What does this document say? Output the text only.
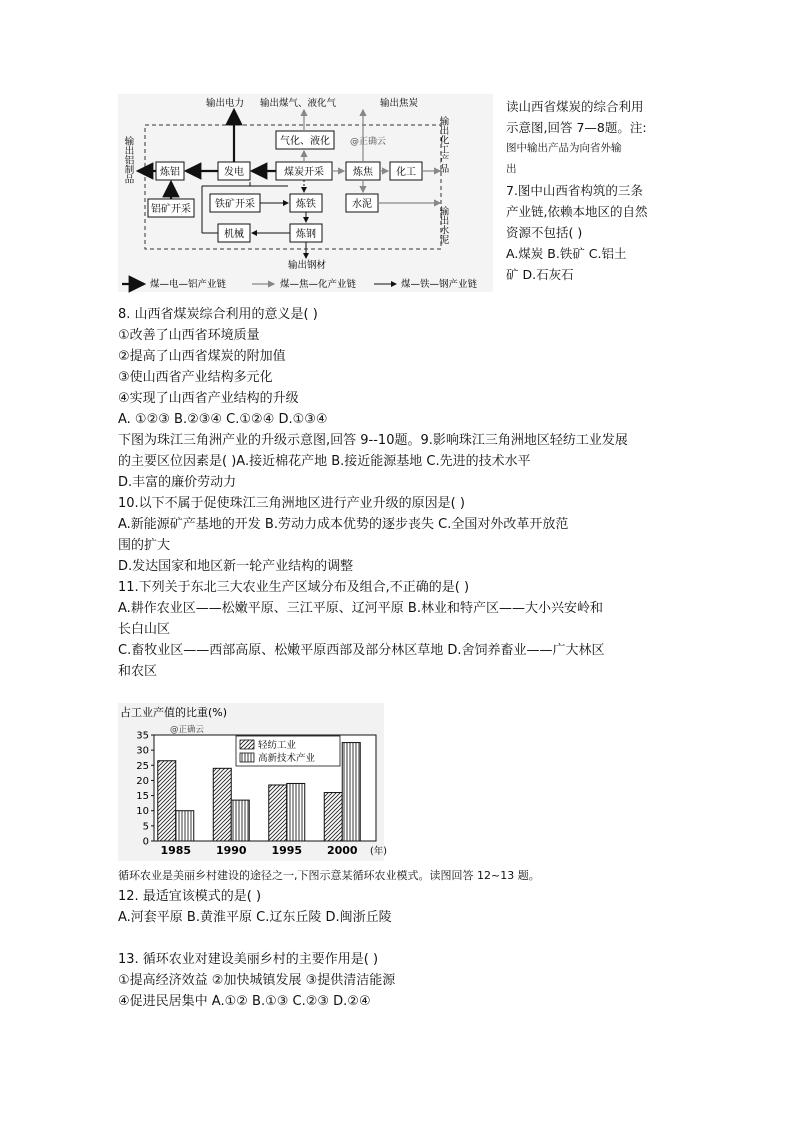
输出电力 输出煤气、液化气	输出焦炭
输出铝制品	输出化工产品
输出水泥
输出钢材
@正确云
气化、液化
炼铝	发电	煤炭开采	炼焦 化工
铝矿开采 铁矿开采	炼铁	水泥
机械	炼钢
煤—电—铝产业链	煤—焦—化产业链	煤—铁—钢产业链
读山西省煤炭的综合利用
示意图,回答 7—8题。注:
图中输出产品为向省外输
出
7.图中山西省构筑的三条
产业链,依赖本地区的自然
资源不包括( )
A.煤炭 B.铁矿 C.铝土
矿 D.石灰石
8. 山西省煤炭综合利用的意义是( )
①改善了山西省环境质量
②提高了山西省煤炭的附加值
③使山西省产业结构多元化
④实现了山西省产业结构的升级
A. ①②③ B.②③④ C.①②④ D.①③④
下图为珠江三角洲产业的升级示意图,回答 9--10题。9.影响珠江三角洲地区轻纺工业发展
的主要区位因素是( )A.接近棉花产地 B.接近能源基地 C.先进的技术水平
D.丰富的廉价劳动力
10.以下不属于促使珠江三角洲地区进行产业升级的原因是( )
A.新能源矿产基地的开发 B.劳动力成本优势的逐步丧失 C.全国对外改革开放范
围的扩大
D.发达国家和地区新一轮产业结构的调整
11.下列关于东北三大农业生产区域分布及组合,不正确的是( )
A.耕作农业区——松嫩平原、三江平原、辽河平原 B.林业和特产区——大小兴安岭和
长白山区
C.畜牧业区——西部高原、松嫩平原西部及部分林区草地 D.舍饲养畜业——广大林区
和农区
占工业产值的比重(%)
@正确云
0
5
10
15
20
25
30
35
1985 1990 1995 2000 (年)
轻纺工业
高新技术产业
循环农业是美丽乡村建设的途径之一,下图示意某循环农业模式。读图回答 12~13 题。
12. 最适宜该模式的是( )
A.河套平原 B.黄淮平原 C.辽东丘陵 D.闽浙丘陵
13. 循环农业对建设美丽乡村的主要作用是( )
①提高经济效益 ②加快城镇发展 ③提供清洁能源
④促进民居集中 A.①② B.①③ C.②③ D.②④
